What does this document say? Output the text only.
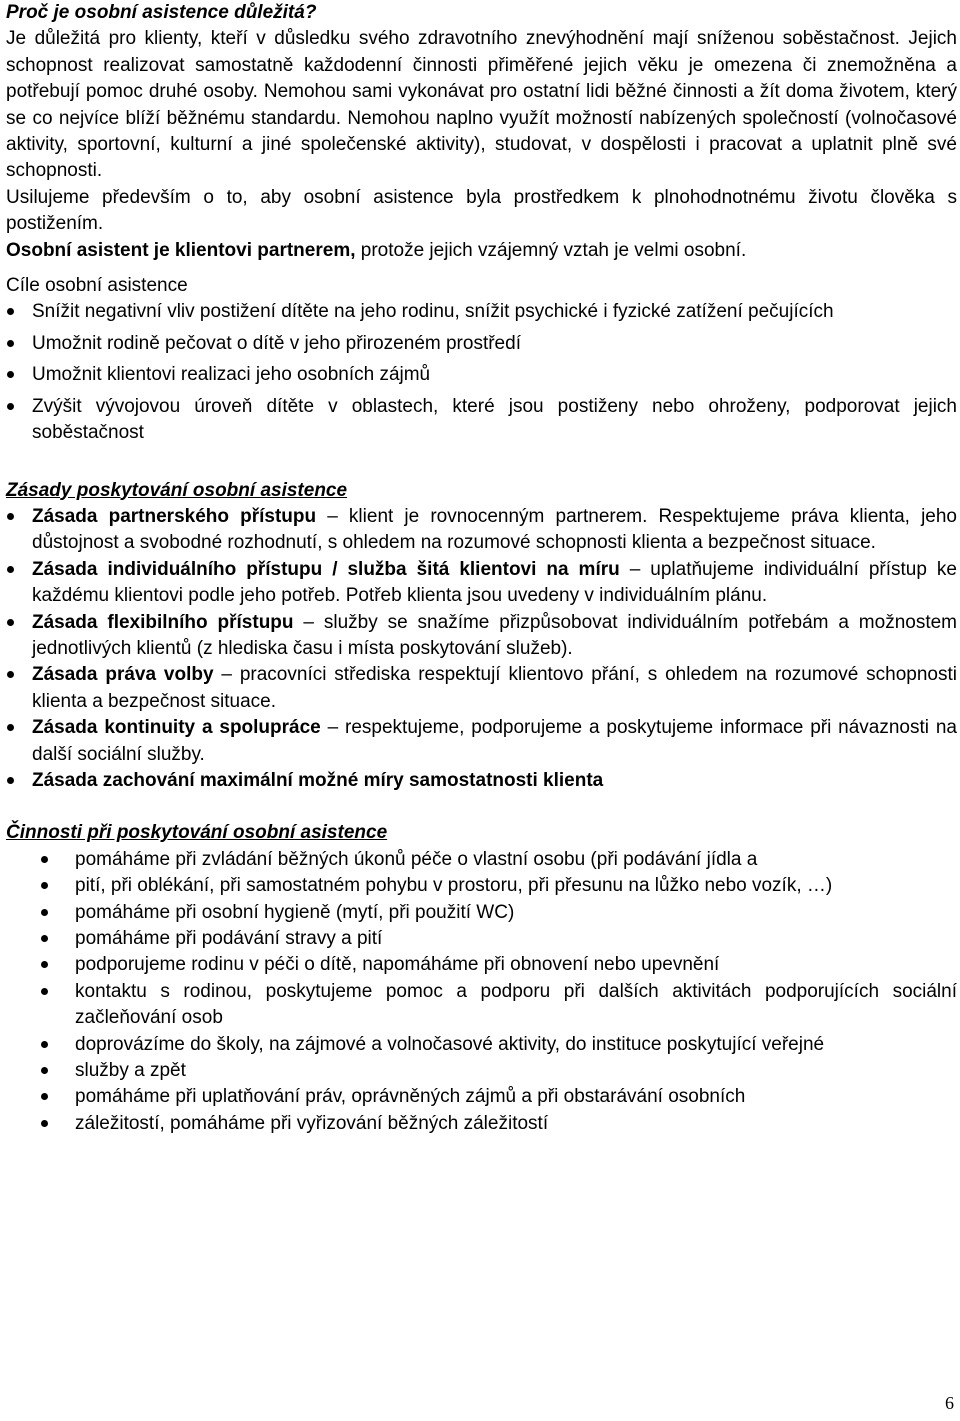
Proč je osobní asistence důležitá?

Je důležitá pro klienty, kteří v důsledku svého zdravotního znevýhodnění mají sníženou soběstačnost. Jejich schopnost realizovat samostatně každodenní činnosti přiměřené jejich věku je omezena či znemožněna a potřebují pomoc druhé osoby. Nemohou sami vykonávat pro ostatní lidi běžné činnosti a žít doma životem, který se co nejvíce blíží běžnému standardu. Nemohou naplno využít možností nabízených společností (volnočasové aktivity, sportovní, kulturní a jiné společenské aktivity), studovat, v dospělosti i pracovat a uplatnit plně své schopnosti.

Usilujeme především o to, aby osobní asistence byla prostředkem k plnohodnotnému životu člověka s postižením.

Osobní asistent je klientovi partnerem, protože jejich vzájemný vztah je velmi osobní.

Cíle osobní asistence

Snížit negativní vliv postižení dítěte na jeho rodinu, snížit psychické i fyzické zatížení pečujících
Umožnit rodině pečovat o dítě v jeho přirozeném prostředí
Umožnit klientovi realizaci jeho osobních zájmů
Zvýšit vývojovou úroveň dítěte v oblastech, které jsou postiženy nebo ohroženy, podporovat jejich soběstačnost

Zásady poskytování osobní asistence

Zásada partnerského přístupu – klient je rovnocenným partnerem. Respektujeme práva klienta, jeho důstojnost a svobodné rozhodnutí, s ohledem na rozumové schopnosti klienta a bezpečnost situace.
Zásada individuálního přístupu / služba šitá klientovi na míru – uplatňujeme individuální přístup ke každému klientovi podle jeho potřeb. Potřeb klienta jsou uvedeny v individuálním plánu.
Zásada flexibilního přístupu – služby se snažíme přizpůsobovat individuálním potřebám a možnostem jednotlivých klientů (z hlediska času i místa poskytování služeb).
Zásada práva volby – pracovníci střediska respektují klientovo přání, s ohledem na rozumové schopnosti klienta a bezpečnost situace.
Zásada kontinuity a spolupráce – respektujeme, podporujeme a poskytujeme informace při návaznosti na další sociální služby.
Zásada zachování maximální možné míry samostatnosti klienta

Činnosti při poskytování osobní asistence

pomáháme při zvládání běžných úkonů péče o vlastní osobu (při podávání jídla a
pití, při oblékání, při samostatném pohybu v prostoru, při přesunu na lůžko nebo vozík, …)
pomáháme při osobní hygieně (mytí, při použití WC)
pomáháme při podávání stravy a pití
podporujeme rodinu v péči o dítě, napomáháme při obnovení nebo upevnění
kontaktu s rodinou, poskytujeme pomoc a podporu při dalších aktivitách podporujících sociální začleňování osob
doprovázíme do školy, na zájmové a volnočasové aktivity, do instituce poskytující veřejné
služby a zpět
pomáháme při uplatňování práv, oprávněných zájmů a při obstarávání osobních
záležitostí, pomáháme při vyřizování běžných záležitostí
6
